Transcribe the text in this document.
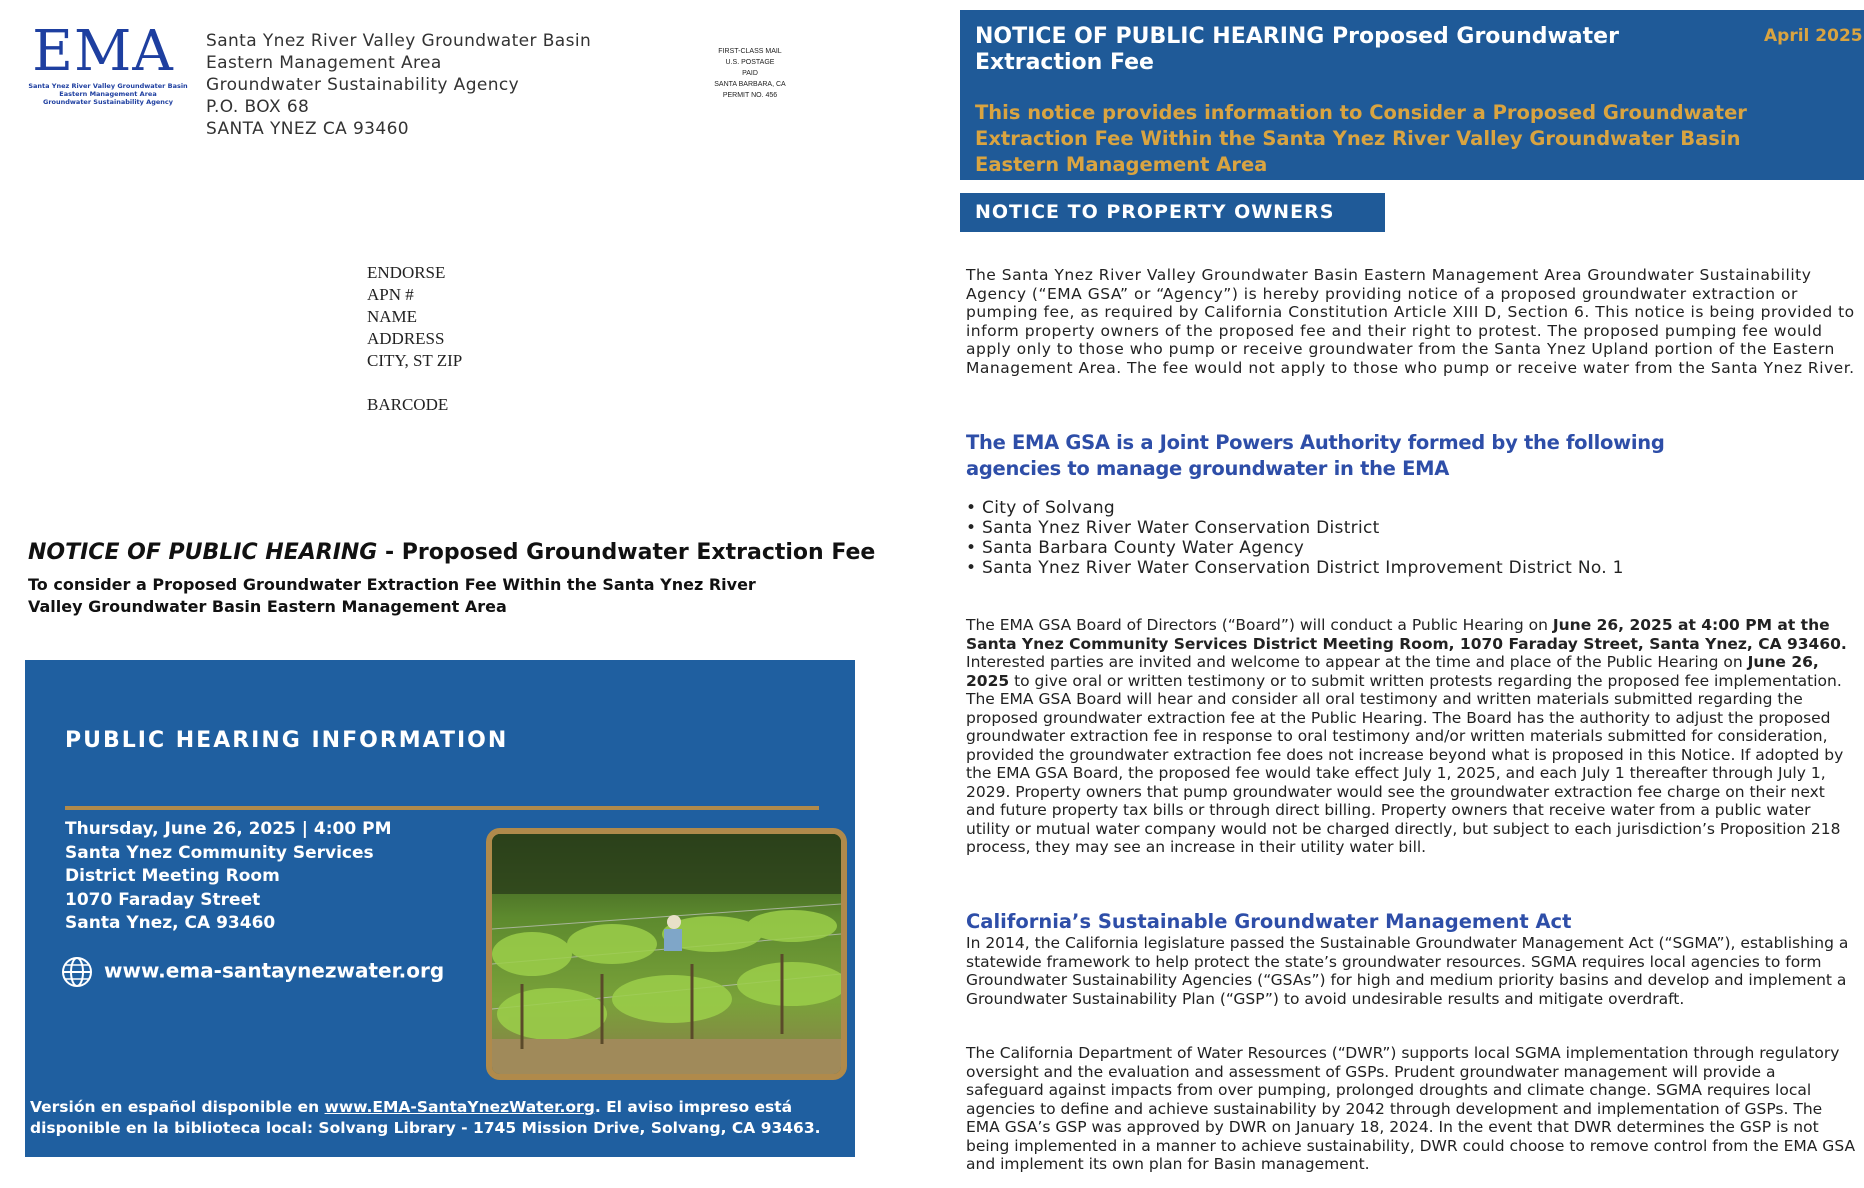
EMA
Santa Ynez River Valley Groundwater Basin
Eastern Management Area
Groundwater Sustainability Agency
Santa Ynez River Valley Groundwater Basin
Eastern Management Area
Groundwater Sustainability Agency
P.O. BOX 68
SANTA YNEZ CA 93460
FIRST-CLASS MAIL
U.S. POSTAGE
PAID
SANTA BARBARA, CA
PERMIT NO. 456
ENDORSE
APN #
NAME
ADDRESS
CITY, ST ZIP
BARCODE
NOTICE OF PUBLIC HEARING - Proposed Groundwater Extraction Fee
To consider a Proposed Groundwater Extraction Fee Within the Santa Ynez River Valley Groundwater Basin Eastern Management Area
PUBLIC HEARING INFORMATION
Thursday, June 26, 2025 | 4:00 PM
Santa Ynez Community Services
District Meeting Room
1070 Faraday Street
Santa Ynez, CA 93460
www.ema-santaynezwater.org
Versión en español disponible en www.EMA-SantaYnezWater.org. El aviso impreso está disponible en la biblioteca local: Solvang Library - 1745 Mission Drive, Solvang, CA 93463.
NOTICE OF PUBLIC HEARING Proposed Groundwater Extraction Fee
April 2025
This notice provides information to Consider a Proposed Groundwater Extraction Fee Within the Santa Ynez River Valley Groundwater Basin Eastern Management Area
NOTICE TO PROPERTY OWNERS
The Santa Ynez River Valley Groundwater Basin Eastern Management Area Groundwater Sustainability Agency (“EMA GSA” or “Agency”) is hereby providing notice of a proposed groundwater extraction or pumping fee, as required by California Constitution Article XIII D, Section 6. This notice is being provided to inform property owners of the proposed fee and their right to protest. The proposed pumping fee would apply only to those who pump or receive groundwater from the Santa Ynez Upland portion of the Eastern Management Area. The fee would not apply to those who pump or receive water from the Santa Ynez River.
The EMA GSA is a Joint Powers Authority formed by the following agencies to manage groundwater in the EMA
• City of Solvang
• Santa Ynez River Water Conservation District
• Santa Barbara County Water Agency
• Santa Ynez River Water Conservation District Improvement District No. 1
The EMA GSA Board of Directors (“Board”) will conduct a Public Hearing on June 26, 2025 at 4:00 PM at the Santa Ynez Community Services District Meeting Room, 1070 Faraday Street, Santa Ynez, CA 93460. Interested parties are invited and welcome to appear at the time and place of the Public Hearing on June 26, 2025 to give oral or written testimony or to submit written protests regarding the proposed fee implementation. The EMA GSA Board will hear and consider all oral testimony and written materials submitted regarding the proposed groundwater extraction fee at the Public Hearing. The Board has the authority to adjust the proposed groundwater extraction fee in response to oral testimony and/or written materials submitted for consideration, provided the groundwater extraction fee does not increase beyond what is proposed in this Notice. If adopted by the EMA GSA Board, the proposed fee would take effect July 1, 2025, and each July 1 thereafter through July 1, 2029. Property owners that pump groundwater would see the groundwater extraction fee charge on their next and future property tax bills or through direct billing. Property owners that receive water from a public water utility or mutual water company would not be charged directly, but subject to each jurisdiction’s Proposition 218 process, they may see an increase in their utility water bill.
California’s Sustainable Groundwater Management Act
In 2014, the California legislature passed the Sustainable Groundwater Management Act (“SGMA”), establishing a statewide framework to help protect the state’s groundwater resources. SGMA requires local agencies to form Groundwater Sustainability Agencies (“GSAs”) for high and medium priority basins and develop and implement a Groundwater Sustainability Plan (“GSP”) to avoid undesirable results and mitigate overdraft.
The California Department of Water Resources (“DWR”) supports local SGMA implementation through regulatory oversight and the evaluation and assessment of GSPs. Prudent groundwater management will provide a safeguard against impacts from over pumping, prolonged droughts and climate change. SGMA requires local agencies to define and achieve sustainability by 2042 through development and implementation of GSPs. The EMA GSA’s GSP was approved by DWR on January 18, 2024. In the event that DWR determines the GSP is not being implemented in a manner to achieve sustainability, DWR could choose to remove control from the EMA GSA and implement its own plan for Basin management.
